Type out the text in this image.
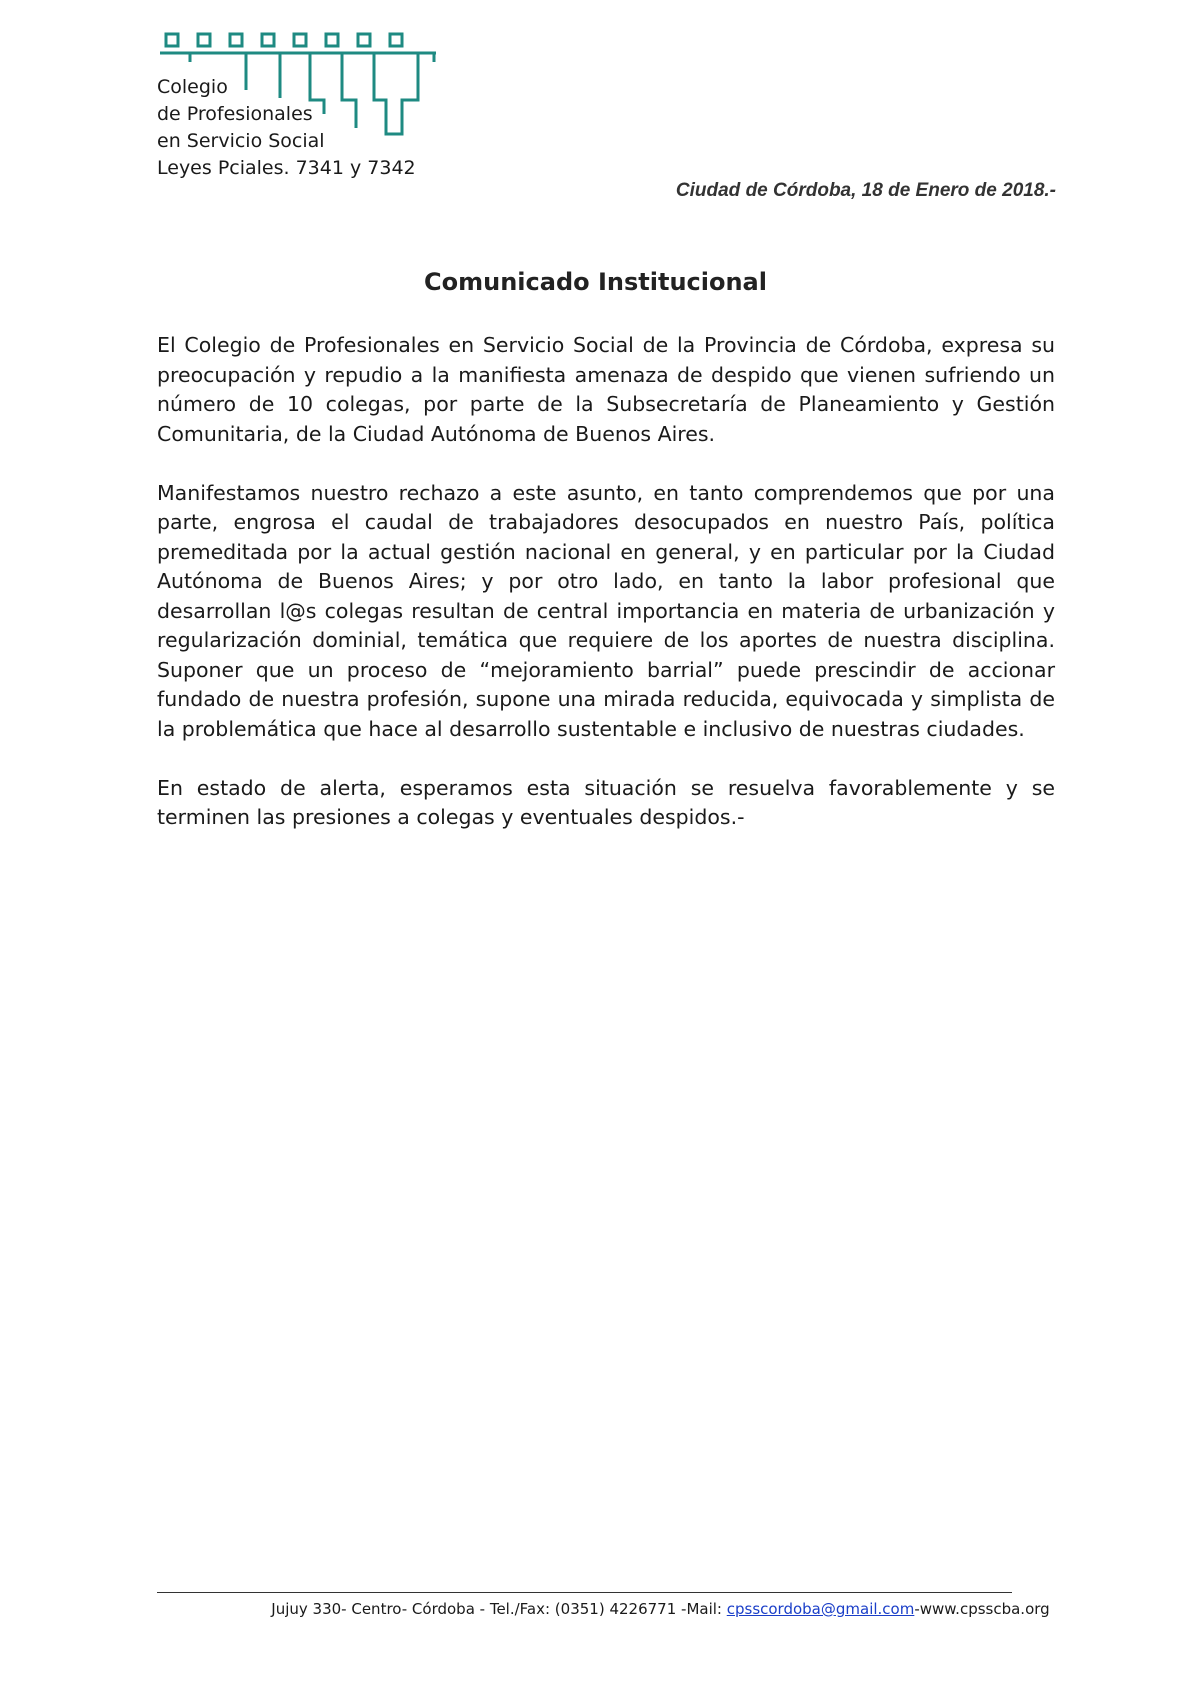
Colegio
de Profesionales
en Servicio Social
Leyes Pciales. 7341 y 7342
Ciudad de Córdoba, 18 de Enero de 2018.-
Comunicado Institucional

El Colegio de Profesionales en Servicio Social de la Provincia de Córdoba, expresa su preocupación y repudio a la manifiesta amenaza de despido que vienen sufriendo un número de 10 colegas, por parte de la Subsecretaría de Planeamiento y Gestión Comunitaria, de la Ciudad Autónoma de Buenos Aires.

Manifestamos nuestro rechazo a este asunto, en tanto comprendemos que por una parte, engrosa el caudal de trabajadores desocupados en nuestro País, política premeditada por la actual gestión nacional en general, y en particular por la Ciudad Autónoma de Buenos Aires; y por otro lado, en tanto la labor profesional que desarrollan l@s colegas resultan de central importancia en materia de urbanización y regularización dominial, temática que requiere de los aportes de nuestra disciplina. Suponer que un proceso de “mejoramiento barrial” puede prescindir de accionar fundado de nuestra profesión, supone una mirada reducida, equivocada y simplista de la problemática que hace al desarrollo sustentable e inclusivo de nuestras ciudades.

En estado de alerta, esperamos esta situación se resuelva favorablemente y se terminen las presiones a colegas y eventuales despidos.-

Jujuy 330- Centro- Córdoba - Tel./Fax: (0351) 4226771 -Mail: cpsscordoba@gmail.com-www.cpsscba.org
